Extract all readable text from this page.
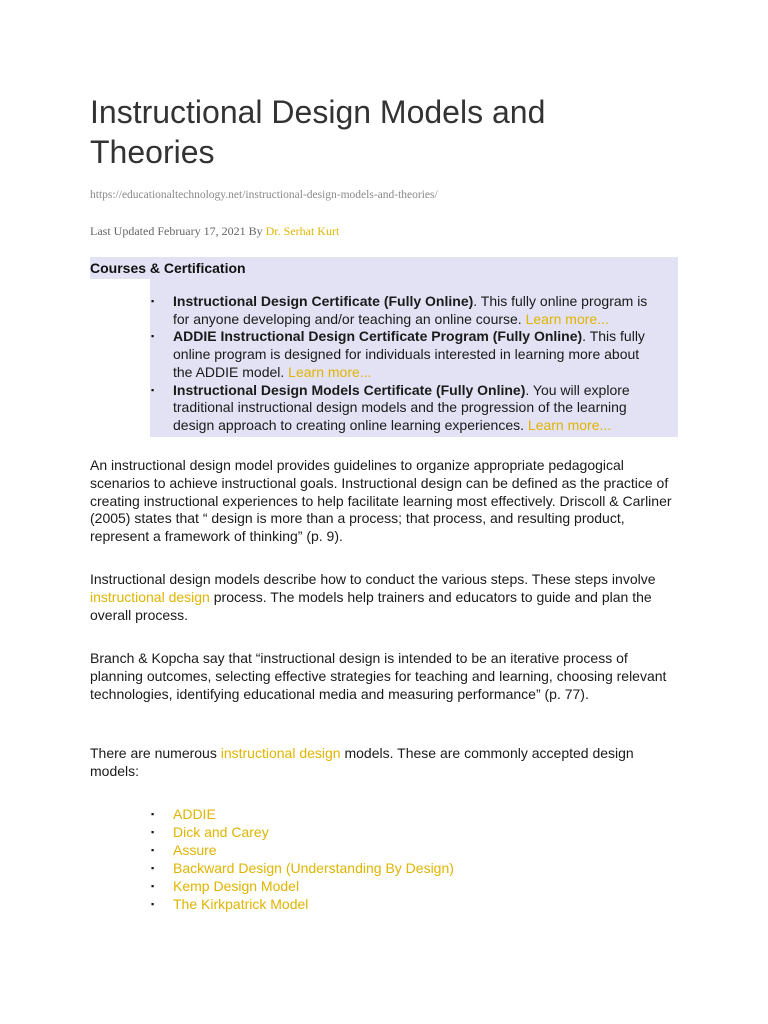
Instructional Design Models and Theories
https://educationaltechnology.net/instructional-design-models-and-theories/
Last Updated February 17, 2021 By Dr. Serhat Kurt
Courses & Certification
▪ Instructional Design Certificate (Fully Online). This fully online program is for anyone developing and/or teaching an online course. Learn more...
▪ ADDIE Instructional Design Certificate Program (Fully Online). This fully online program is designed for individuals interested in learning more about the ADDIE model. Learn more...
▪ Instructional Design Models Certificate (Fully Online). You will explore traditional instructional design models and the progression of the learning design approach to creating online learning experiences. Learn more...

An instructional design model provides guidelines to organize appropriate pedagogical scenarios to achieve instructional goals. Instructional design can be defined as the practice of creating instructional experiences to help facilitate learning most effectively. Driscoll & Carliner (2005) states that “ design is more than a process; that process, and resulting product, represent a framework of thinking” (p. 9).

Instructional design models describe how to conduct the various steps. These steps involve instructional design process. The models help trainers and educators to guide and plan the overall process.

Branch & Kopcha say that “instructional design is intended to be an iterative process of planning outcomes, selecting effective strategies for teaching and learning, choosing relevant technologies, identifying educational media and measuring performance” (p. 77).

There are numerous instructional design models. These are commonly accepted design models:

▪ ADDIE
▪ Dick and Carey
▪ Assure
▪ Backward Design (Understanding By Design)
▪ Kemp Design Model
▪ The Kirkpatrick Model
